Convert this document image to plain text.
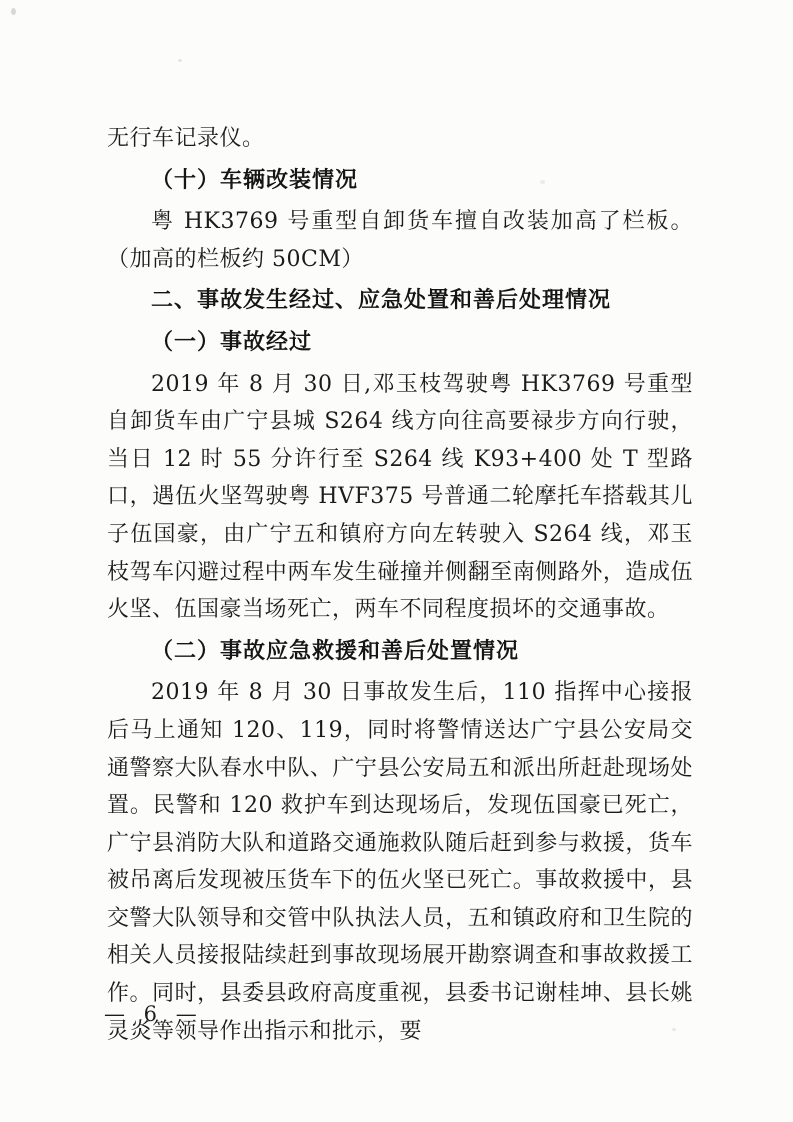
无行车记录仪。

（十）车辆改装情况

粤 HK3769 号重型自卸货车擅自改装加高了栏板。（加高的栏板约 50CM）

二、事故发生经过、应急处置和善后处理情况

（一）事故经过

2019 年 8 月 30 日,邓玉枝驾驶粤 HK3769 号重型自卸货车由广宁县城 S264 线方向往高要禄步方向行驶，当日 12 时 55 分许行至 S264 线 K93+400 处 T 型路口，遇伍火坚驾驶粤 HVF375 号普通二轮摩托车搭载其儿子伍国豪，由广宁五和镇府方向左转驶入 S264 线，邓玉枝驾车闪避过程中两车发生碰撞并侧翻至南侧路外，造成伍火坚、伍国豪当场死亡，两车不同程度损坏的交通事故。

（二）事故应急救援和善后处置情况

2019 年 8 月 30 日事故发生后，110 指挥中心接报后马上通知 120、119，同时将警情送达广宁县公安局交通警察大队春水中队、广宁县公安局五和派出所赶赴现场处置。民警和 120 救护车到达现场后，发现伍国豪已死亡，广宁县消防大队和道路交通施救队随后赶到参与救援，货车被吊离后发现被压货车下的伍火坚已死亡。事故救援中，县交警大队领导和交管中队执法人员，五和镇政府和卫生院的相关人员接报陆续赶到事故现场展开勘察调查和事故救援工作。同时，县委县政府高度重视，县委书记谢桂坤、县长姚灵炎等领导作出指示和批示，要

— 6 —
